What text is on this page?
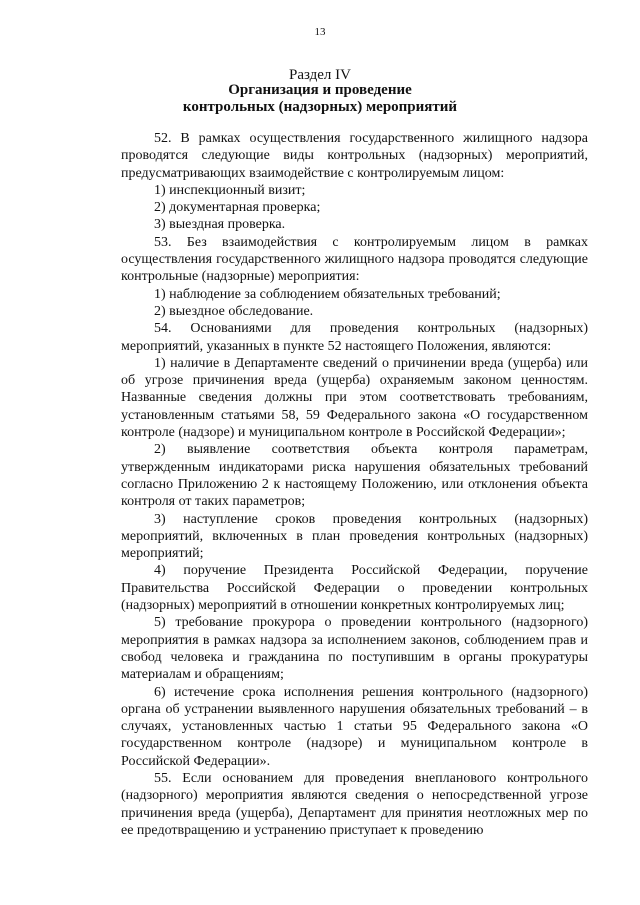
13
Раздел IV
Организация и проведение
контрольных (надзорных) мероприятий

52. В рамках осуществления государственного жилищного надзора проводятся следующие виды контрольных (надзорных) мероприятий, предусматривающих взаимодействие с контролируемым лицом:

1) инспекционный визит;

2) документарная проверка;

3) выездная проверка.

53. Без взаимодействия с контролируемым лицом в рамках осуществления государственного жилищного надзора проводятся следующие контрольные (надзорные) мероприятия:

1) наблюдение за соблюдением обязательных требований;

2) выездное обследование.

54. Основаниями для проведения контрольных (надзорных) мероприятий, указанных в пункте 52 настоящего Положения, являются:

1) наличие в Департаменте сведений о причинении вреда (ущерба) или об угрозе причинения вреда (ущерба) охраняемым законом ценностям. Названные сведения должны при этом соответствовать требованиям, установленным статьями 58, 59 Федерального закона «О государственном контроле (надзоре) и муниципальном контроле в Российской Федерации»;

2) выявление соответствия объекта контроля параметрам, утвержденным индикаторами риска нарушения обязательных требований согласно Приложению 2 к настоящему Положению, или отклонения объекта контроля от таких параметров;

3) наступление сроков проведения контрольных (надзорных) мероприятий, включенных в план проведения контрольных (надзорных) мероприятий;

4) поручение Президента Российской Федерации, поручение Правительства Российской Федерации о проведении контрольных (надзорных) мероприятий в отношении конкретных контролируемых лиц;

5) требование прокурора о проведении контрольного (надзорного) мероприятия в рамках надзора за исполнением законов, соблюдением прав и свобод человека и гражданина по поступившим в органы прокуратуры материалам и обращениям;

6) истечение срока исполнения решения контрольного (надзорного) органа об устранении выявленного нарушения обязательных требований – в случаях, установленных частью 1 статьи 95 Федерального закона «О государственном контроле (надзоре) и муниципальном контроле в Российской Федерации».

55. Если основанием для проведения внепланового контрольного (надзорного) мероприятия являются сведения о непосредственной угрозе причинения вреда (ущерба), Департамент для принятия неотложных мер по ее предотвращению и устранению приступает к проведению
